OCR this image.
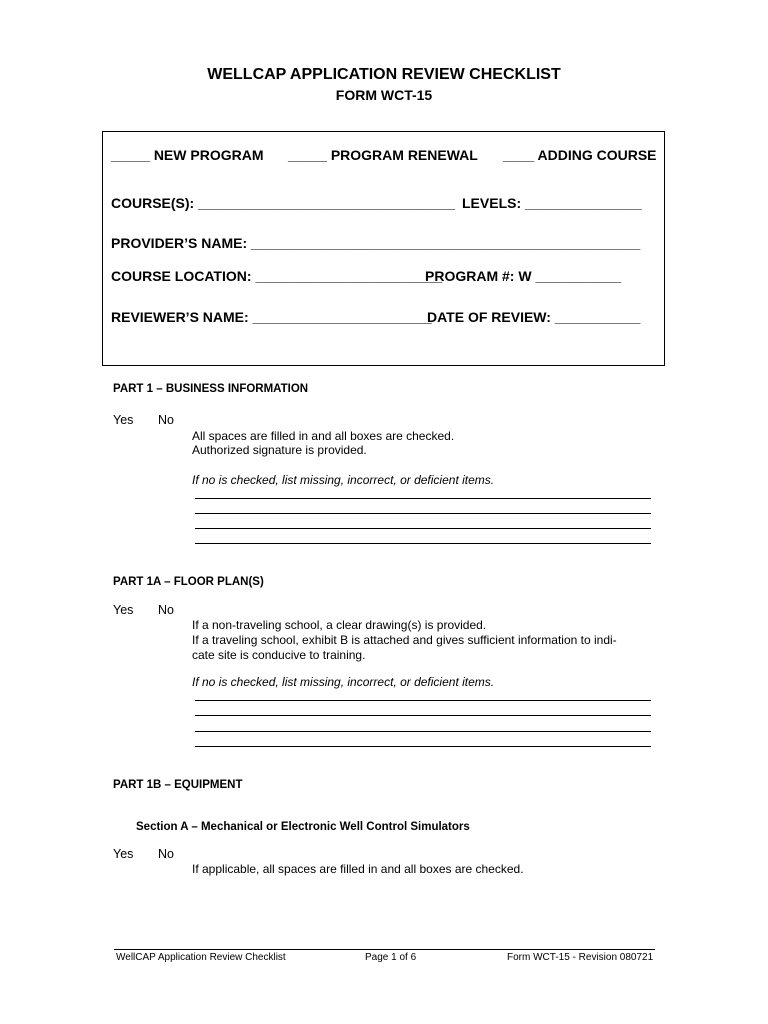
WELLCAP APPLICATION REVIEW CHECKLIST
FORM WCT-15
_____ NEW PROGRAM _____ PROGRAM RENEWAL ____ ADDING COURSE
COURSE(S): _________________________________ LEVELS: _______________
PROVIDER’S NAME: __________________________________________________
COURSE LOCATION: ________________________
PROGRAM #: W ___________
REVIEWER’S NAME: _______________________
DATE OF REVIEW: ___________
PART 1 – BUSINESS INFORMATION
Yes No
All spaces are filled in and all boxes are checked.
Authorized signature is provided.
If no is checked, list missing, incorrect, or deficient items.
PART 1A – FLOOR PLAN(S)
Yes No
If a non-traveling school, a clear drawing(s) is provided.
If a traveling school, exhibit B is attached and gives sufficient information to indi-
cate site is conducive to training.
If no is checked, list missing, incorrect, or deficient items.
PART 1B – EQUIPMENT
Section A – Mechanical or Electronic Well Control Simulators
Yes No
If applicable, all spaces are filled in and all boxes are checked.
WellCAP Application Review Checklist	Page 1 of 6	Form WCT-15 - Revision 080721
